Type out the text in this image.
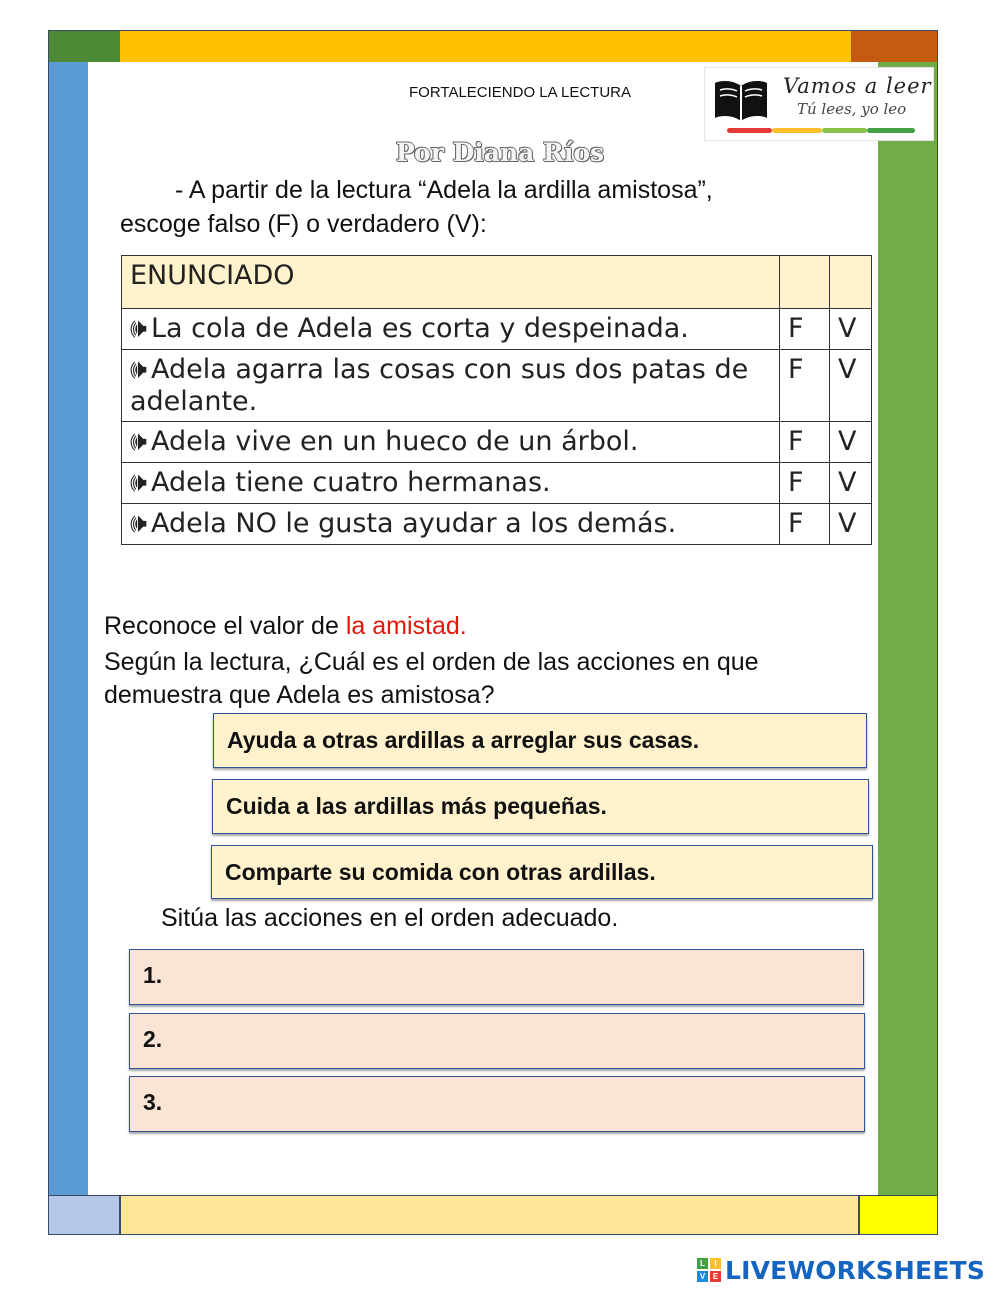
FORTALECIENDO LA LECTURA	Vamos a leer
Tú lees, yo leo
Por Diana Ríos
- A partir de la lectura “Adela la ardilla amistosa”,
escoge falso (F) o verdadero (V):
ENUNCIADO		
🕪 La cola de Adela es corta y despeinada.	F	V
🕪 Adela agarra las cosas con sus dos patas de adelante.	F	V
🕪 Adela vive en un hueco de un árbol.	F	V
🕪 Adela tiene cuatro hermanas.	F	V
🕪 Adela NO le gusta ayudar a los demás.	F	V
Reconoce el valor de la amistad.
Según la lectura, ¿Cuál es el orden de las acciones en que
demuestra que Adela es amistosa?
Ayuda a otras ardillas a arreglar sus casas.
Cuida a las ardillas más pequeñas.
Comparte su comida con otras ardillas.
Sitúa las acciones en el orden adecuado.
1.
2.
3.
L	I
V E LIVEWORKSHEETS
